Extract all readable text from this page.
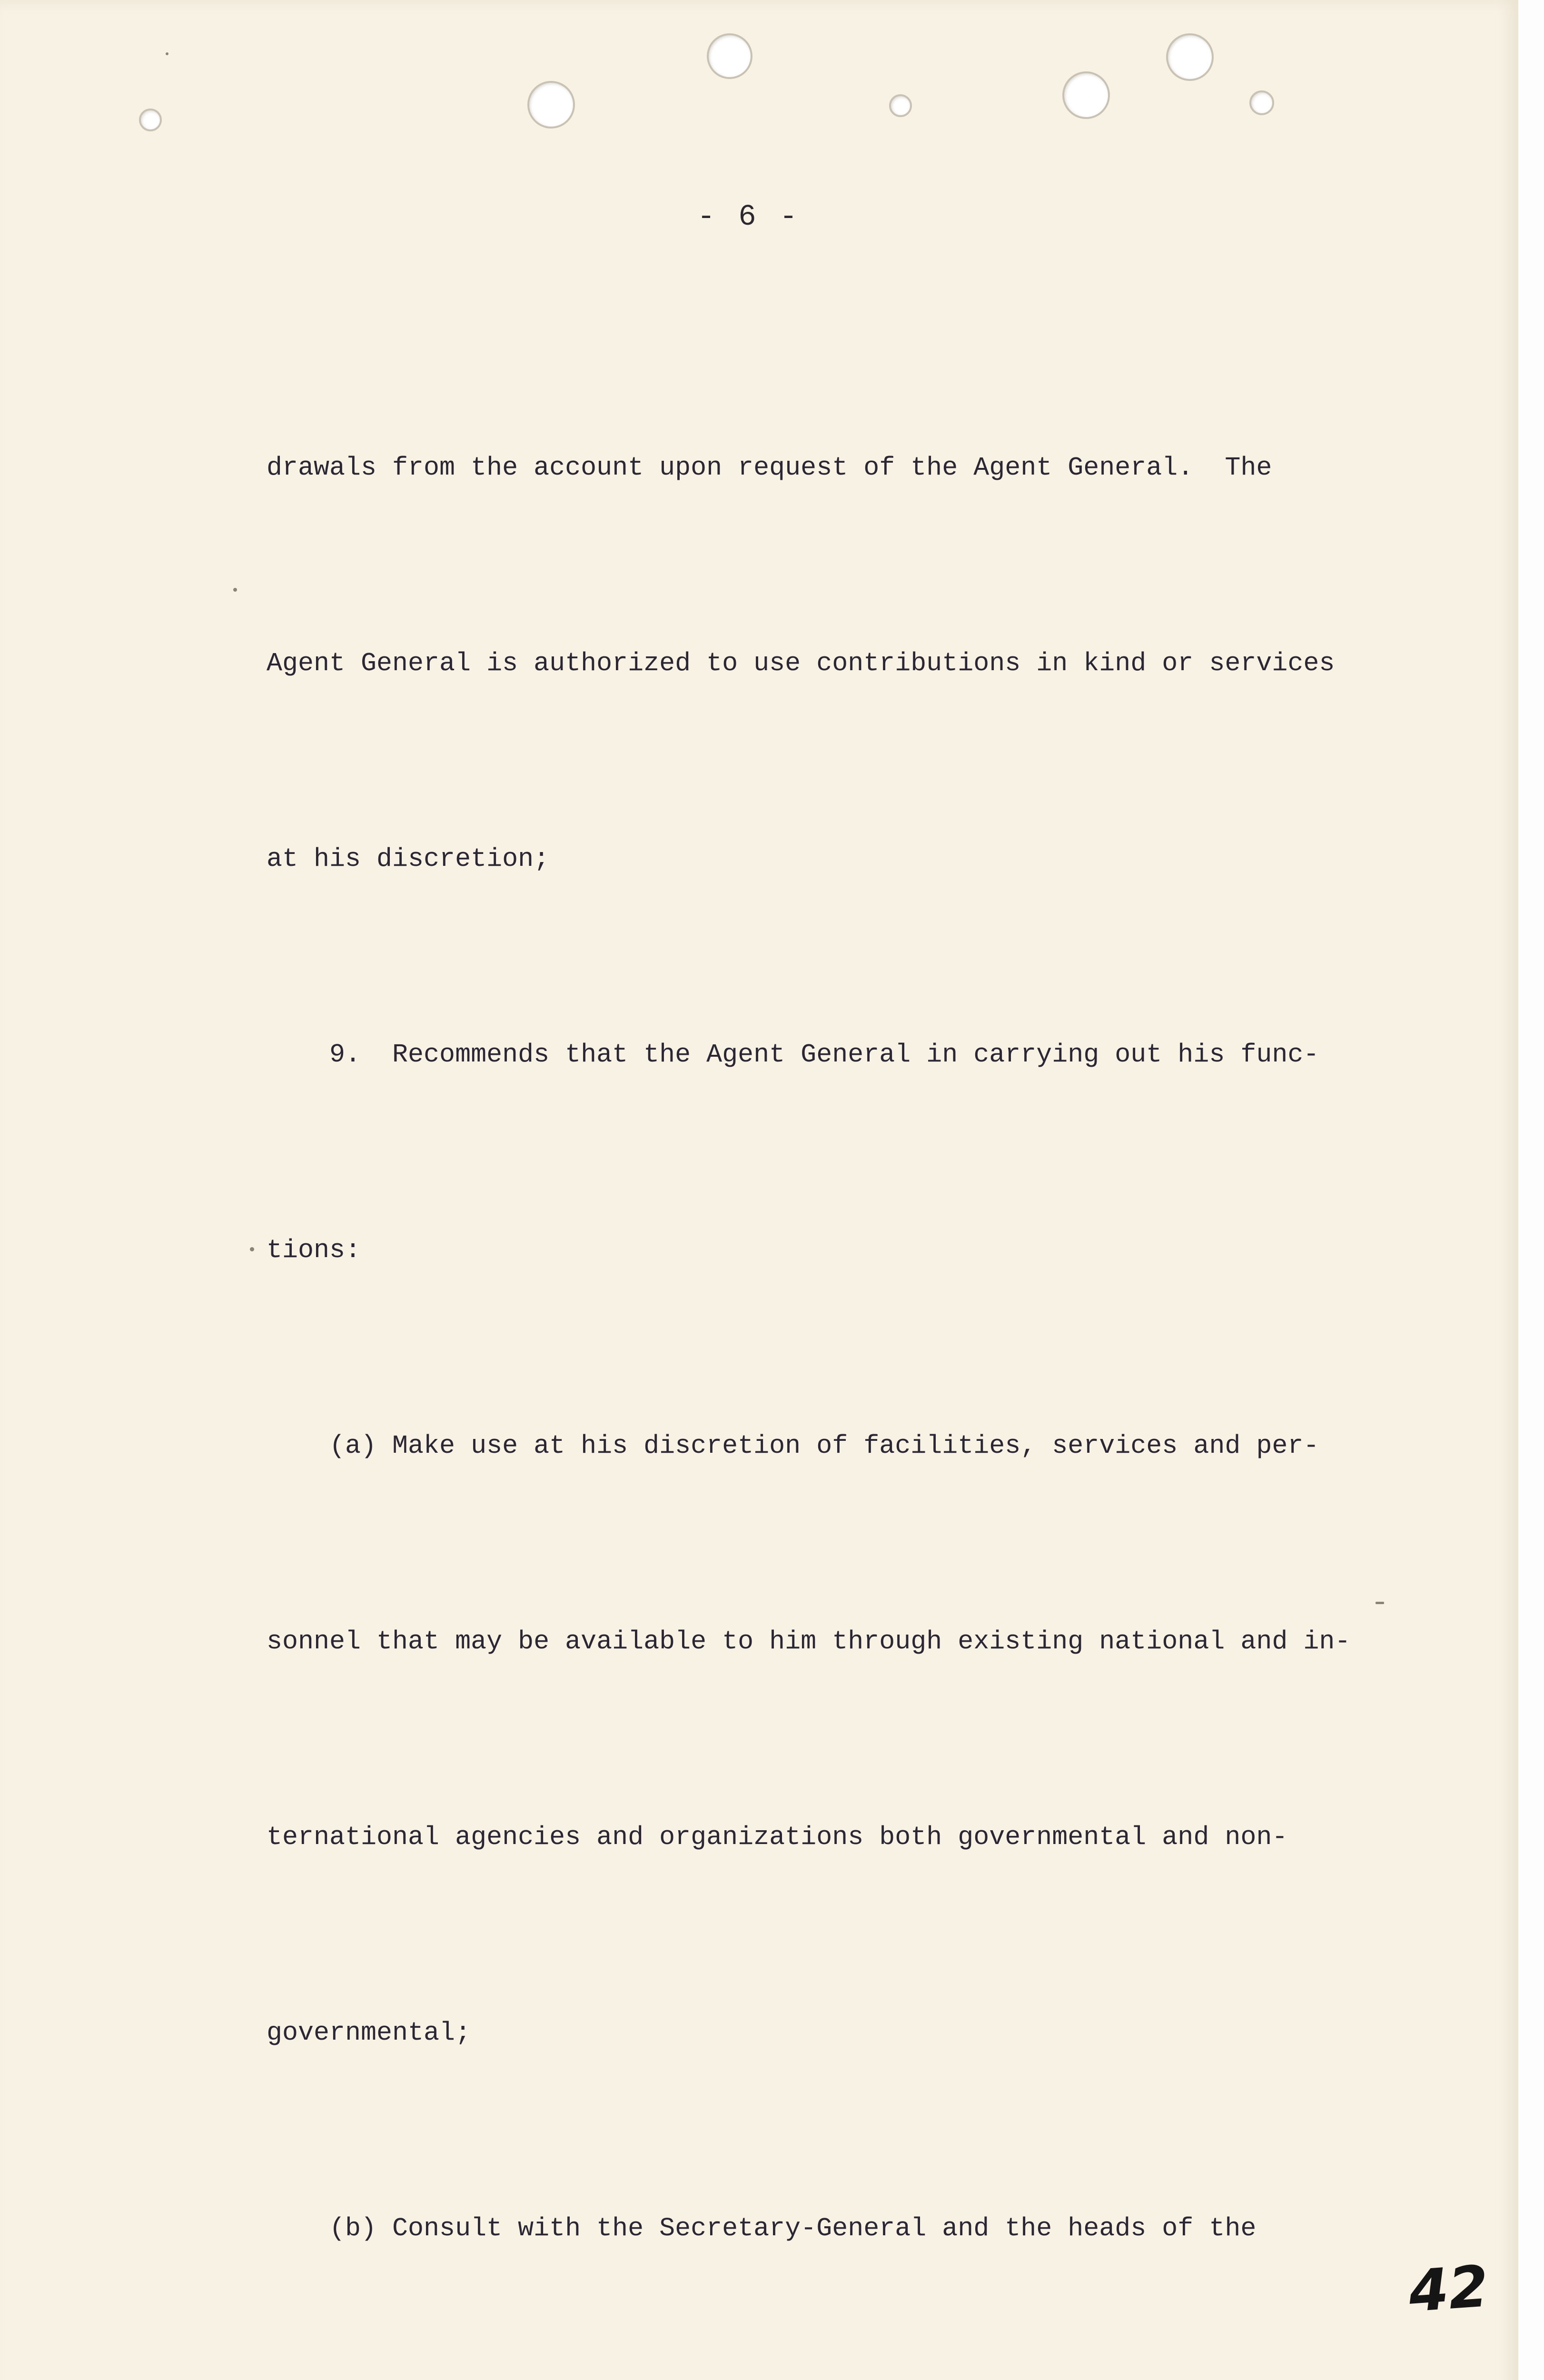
- 6 -

drawals from the account upon request of the Agent General.  The

Agent General is authorized to use contributions in kind or services

at his discretion;

9.  Recommends that the Agent General in carrying out his func-

tions:

(a) Make use at his discretion of facilities, services and per-

sonnel that may be available to him through existing national and in-

ternational agencies and organizations both governmental and non-

governmental;

(b) Consult with the Secretary-General and the heads of the

42
